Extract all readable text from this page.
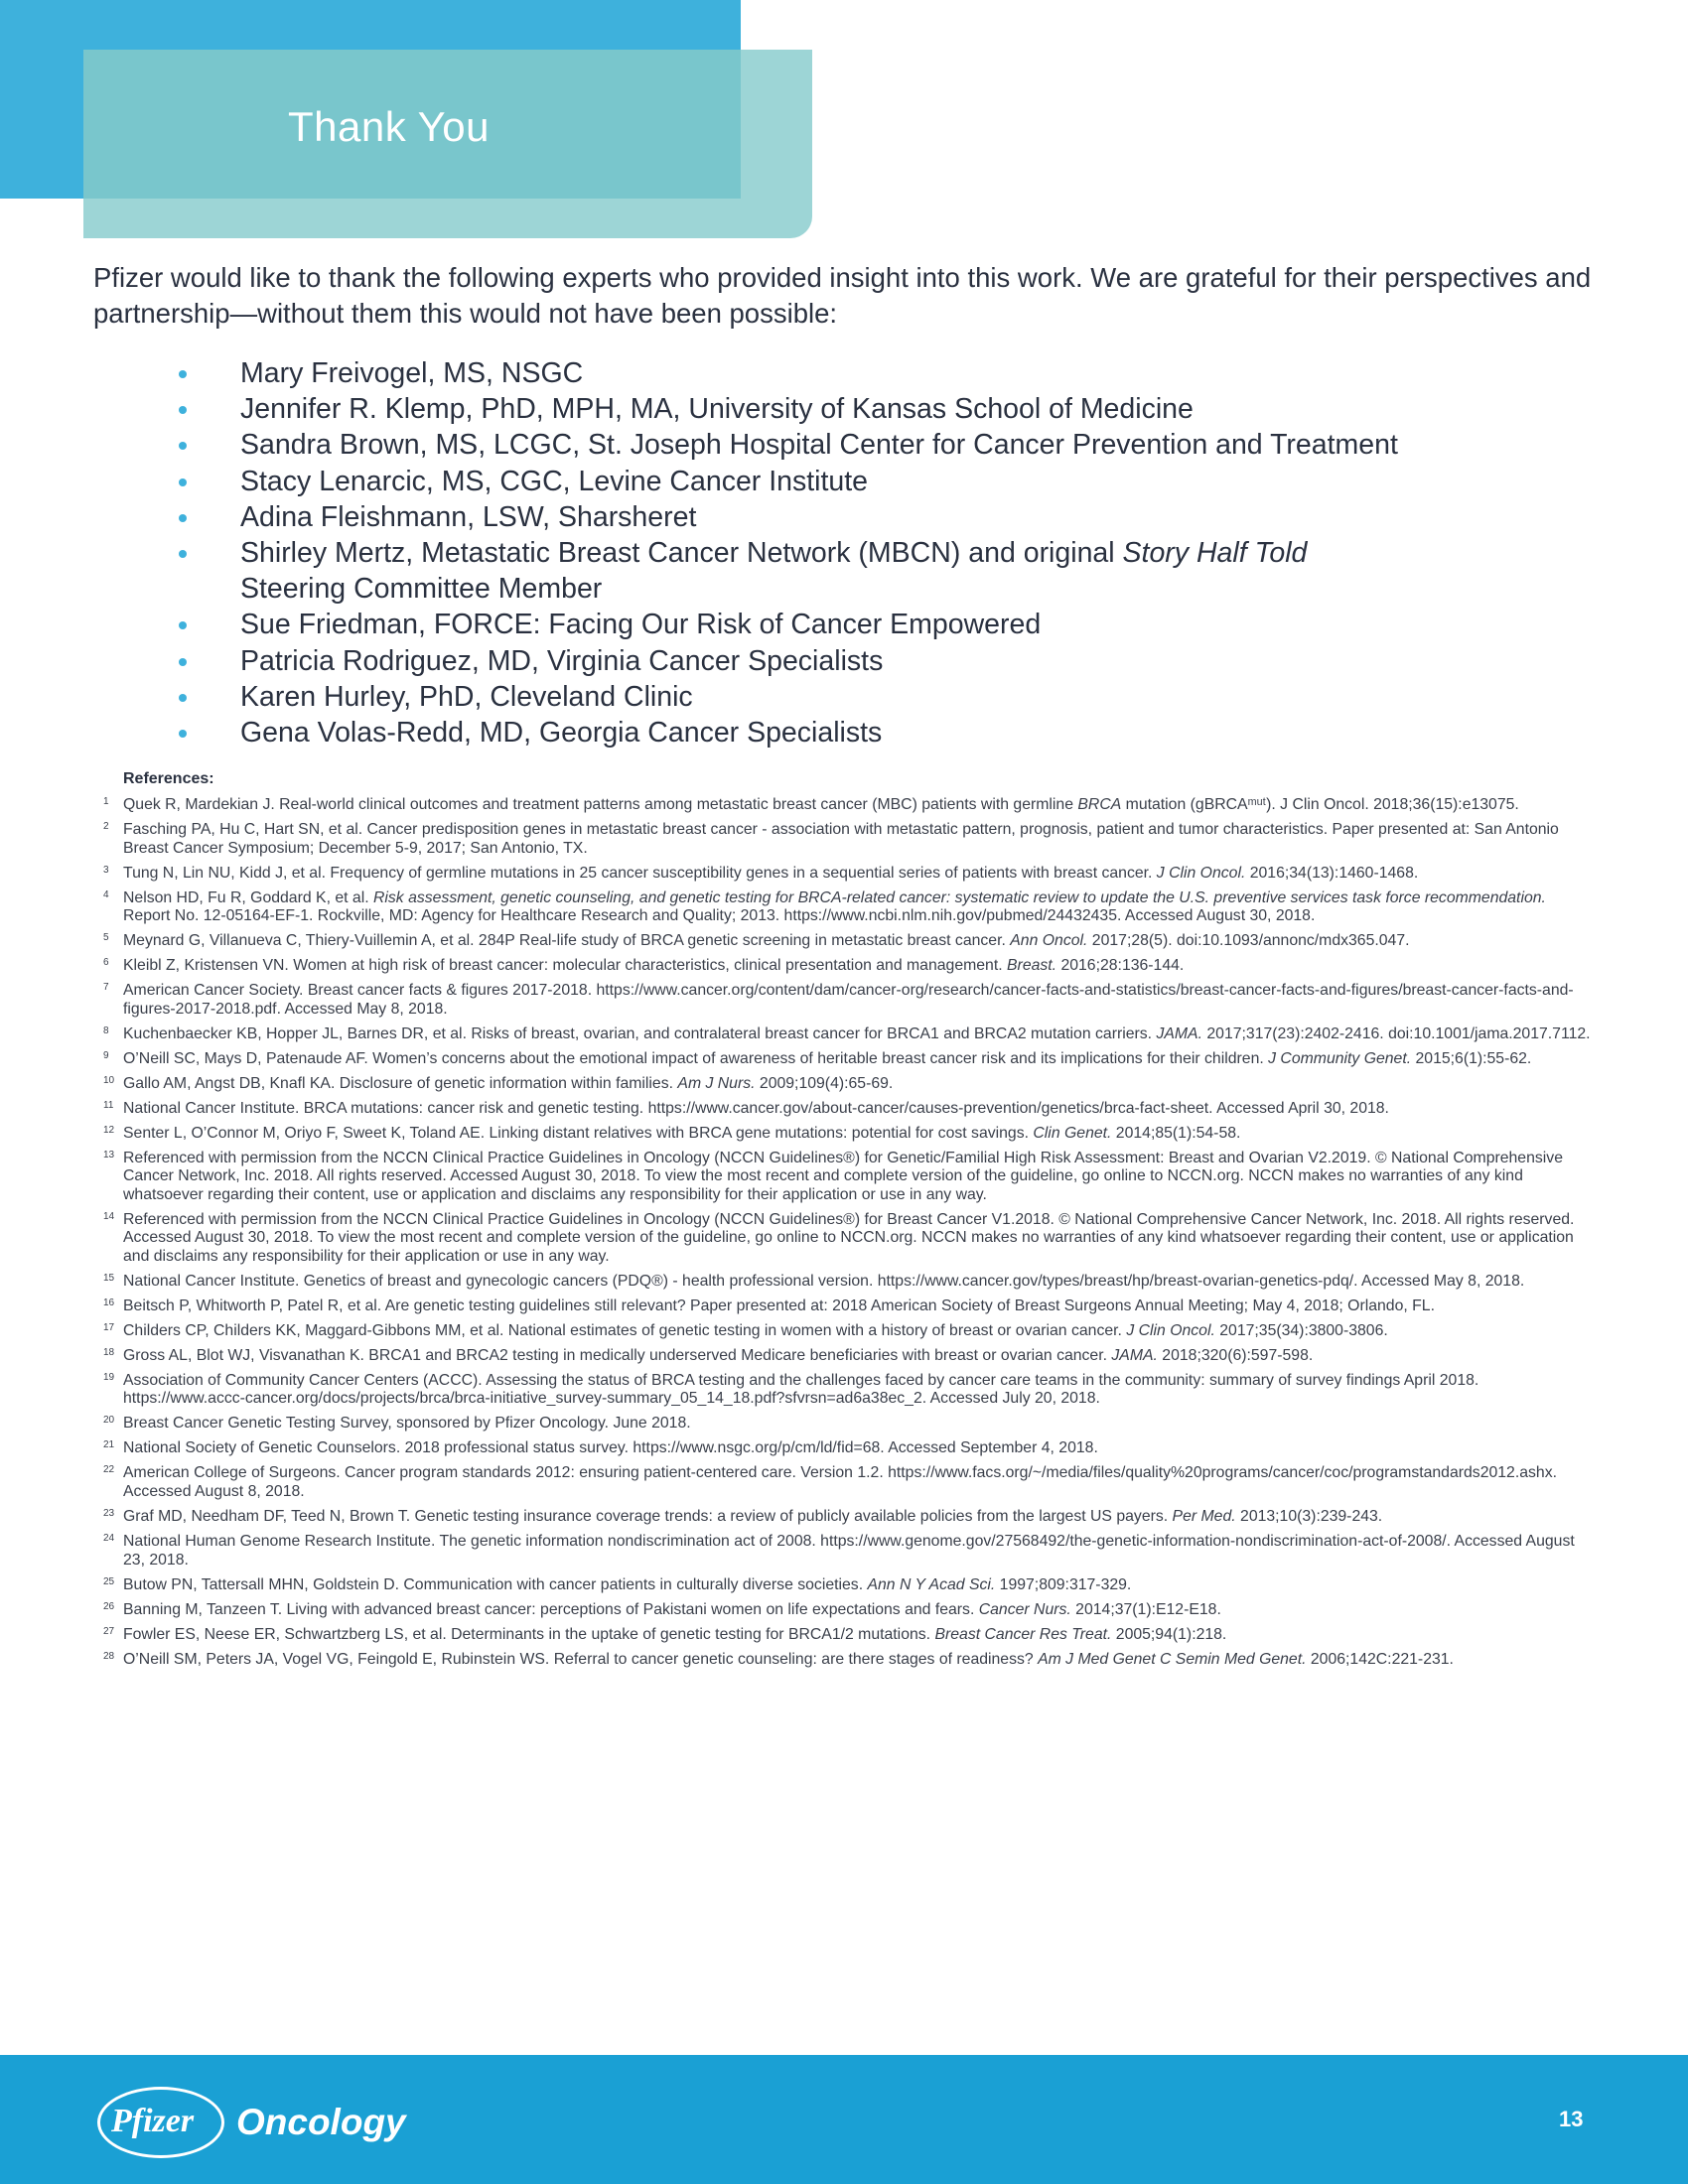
Thank You

Pfizer would like to thank the following experts who provided insight into this work. We are grateful for their perspectives and partnership—without them this would not have been possible:

Mary Freivogel, MS, NSGC
Jennifer R. Klemp, PhD, MPH, MA, University of Kansas School of Medicine
Sandra Brown, MS, LCGC, St. Joseph Hospital Center for Cancer Prevention and Treatment
Stacy Lenarcic, MS, CGC, Levine Cancer Institute
Adina Fleishmann, LSW, Sharsheret
Shirley Mertz, Metastatic Breast Cancer Network (MBCN) and original Story Half Told
Steering Committee Member
Sue Friedman, FORCE: Facing Our Risk of Cancer Empowered
Patricia Rodriguez, MD, Virginia Cancer Specialists
Karen Hurley, PhD, Cleveland Clinic
Gena Volas-Redd, MD, Georgia Cancer Specialists
References:
1 Quek R, Mardekian J. Real-world clinical outcomes and treatment patterns among metastatic breast cancer (MBC) patients with germline BRCA mutation (gBRCAᵐᵘᵗ). J Clin Oncol. 2018;36(15):e13075.
2 Fasching PA, Hu C, Hart SN, et al. Cancer predisposition genes in metastatic breast cancer - association with metastatic pattern, prognosis, patient and tumor characteristics. Paper presented at: San Antonio Breast Cancer Symposium; December 5-9, 2017; San Antonio, TX.
3 Tung N, Lin NU, Kidd J, et al. Frequency of germline mutations in 25 cancer susceptibility genes in a sequential series of patients with breast cancer. J Clin Oncol. 2016;34(13):1460-1468.
4 Nelson HD, Fu R, Goddard K, et al. Risk assessment, genetic counseling, and genetic testing for BRCA-related cancer: systematic review to update the U.S. preventive services task force recommendation. Report No. 12-05164-EF-1. Rockville, MD: Agency for Healthcare Research and Quality; 2013. https://www.ncbi.nlm.nih.gov/pubmed/24432435. Accessed August 30, 2018.
5 Meynard G, Villanueva C, Thiery-Vuillemin A, et al. 284P Real-life study of BRCA genetic screening in metastatic breast cancer. Ann Oncol. 2017;28(5). doi:10.1093/annonc/mdx365.047.
6 Kleibl Z, Kristensen VN. Women at high risk of breast cancer: molecular characteristics, clinical presentation and management. Breast. 2016;28:136-144.
7 American Cancer Society. Breast cancer facts & figures 2017-2018. https://www.cancer.org/content/dam/cancer-org/research/cancer-facts-and-statistics/breast-cancer-facts-and-figures/breast-cancer-facts-and-figures-2017-2018.pdf. Accessed May 8, 2018.
8 Kuchenbaecker KB, Hopper JL, Barnes DR, et al. Risks of breast, ovarian, and contralateral breast cancer for BRCA1 and BRCA2 mutation carriers. JAMA. 2017;317(23):2402-2416. doi:10.1001/jama.2017.7112.
9 O’Neill SC, Mays D, Patenaude AF. Women’s concerns about the emotional impact of awareness of heritable breast cancer risk and its implications for their children. J Community Genet. 2015;6(1):55-62.
10 Gallo AM, Angst DB, Knafl KA. Disclosure of genetic information within families. Am J Nurs. 2009;109(4):65-69.
11 National Cancer Institute. BRCA mutations: cancer risk and genetic testing. https://www.cancer.gov/about-cancer/causes-prevention/genetics/brca-fact-sheet. Accessed April 30, 2018.
12 Senter L, O’Connor M, Oriyo F, Sweet K, Toland AE. Linking distant relatives with BRCA gene mutations: potential for cost savings. Clin Genet. 2014;85(1):54-58.
13 Referenced with permission from the NCCN Clinical Practice Guidelines in Oncology (NCCN Guidelines®) for Genetic/Familial High Risk Assessment: Breast and Ovarian V2.2019. © National Comprehensive Cancer Network, Inc. 2018. All rights reserved. Accessed August 30, 2018. To view the most recent and complete version of the guideline, go online to NCCN.org. NCCN makes no warranties of any kind whatsoever regarding their content, use or application and disclaims any responsibility for their application or use in any way.
14 Referenced with permission from the NCCN Clinical Practice Guidelines in Oncology (NCCN Guidelines®) for Breast Cancer V1.2018. © National Comprehensive Cancer Network, Inc. 2018. All rights reserved. Accessed August 30, 2018. To view the most recent and complete version of the guideline, go online to NCCN.org. NCCN makes no warranties of any kind whatsoever regarding their content, use or application and disclaims any responsibility for their application or use in any way.
15 National Cancer Institute. Genetics of breast and gynecologic cancers (PDQ®) - health professional version. https://www.cancer.gov/types/breast/hp/breast-ovarian-genetics-pdq/. Accessed May 8, 2018.
16 Beitsch P, Whitworth P, Patel R, et al. Are genetic testing guidelines still relevant? Paper presented at: 2018 American Society of Breast Surgeons Annual Meeting; May 4, 2018; Orlando, FL.
17 Childers CP, Childers KK, Maggard-Gibbons MM, et al. National estimates of genetic testing in women with a history of breast or ovarian cancer. J Clin Oncol. 2017;35(34):3800-3806.
18 Gross AL, Blot WJ, Visvanathan K. BRCA1 and BRCA2 testing in medically underserved Medicare beneficiaries with breast or ovarian cancer. JAMA. 2018;320(6):597-598.
19 Association of Community Cancer Centers (ACCC). Assessing the status of BRCA testing and the challenges faced by cancer care teams in the community: summary of survey findings April 2018. https://www.accc-cancer.org/docs/projects/brca/brca-initiative_survey-summary_05_14_18.pdf?sfvrsn=ad6a38ec_2. Accessed July 20, 2018.
20 Breast Cancer Genetic Testing Survey, sponsored by Pfizer Oncology. June 2018.
21 National Society of Genetic Counselors. 2018 professional status survey. https://www.nsgc.org/p/cm/ld/fid=68. Accessed September 4, 2018.
22 American College of Surgeons. Cancer program standards 2012: ensuring patient-centered care. Version 1.2. https://www.facs.org/~/media/files/quality%20programs/cancer/coc/programstandards2012.ashx. Accessed August 8, 2018.
23 Graf MD, Needham DF, Teed N, Brown T. Genetic testing insurance coverage trends: a review of publicly available policies from the largest US payers. Per Med. 2013;10(3):239-243.
24 National Human Genome Research Institute. The genetic information nondiscrimination act of 2008. https://www.genome.gov/27568492/the-genetic-information-nondiscrimination-act-of-2008/. Accessed August 23, 2018.
25 Butow PN, Tattersall MHN, Goldstein D. Communication with cancer patients in culturally diverse societies. Ann N Y Acad Sci. 1997;809:317-329.
26 Banning M, Tanzeen T. Living with advanced breast cancer: perceptions of Pakistani women on life expectations and fears. Cancer Nurs. 2014;37(1):E12-E18.
27 Fowler ES, Neese ER, Schwartzberg LS, et al. Determinants in the uptake of genetic testing for BRCA1/2 mutations. Breast Cancer Res Treat. 2005;94(1):218.
28 O’Neill SM, Peters JA, Vogel VG, Feingold E, Rubinstein WS. Referral to cancer genetic counseling: are there stages of readiness? Am J Med Genet C Semin Med Genet. 2006;142C:221-231.
Pfizer Oncology	13
